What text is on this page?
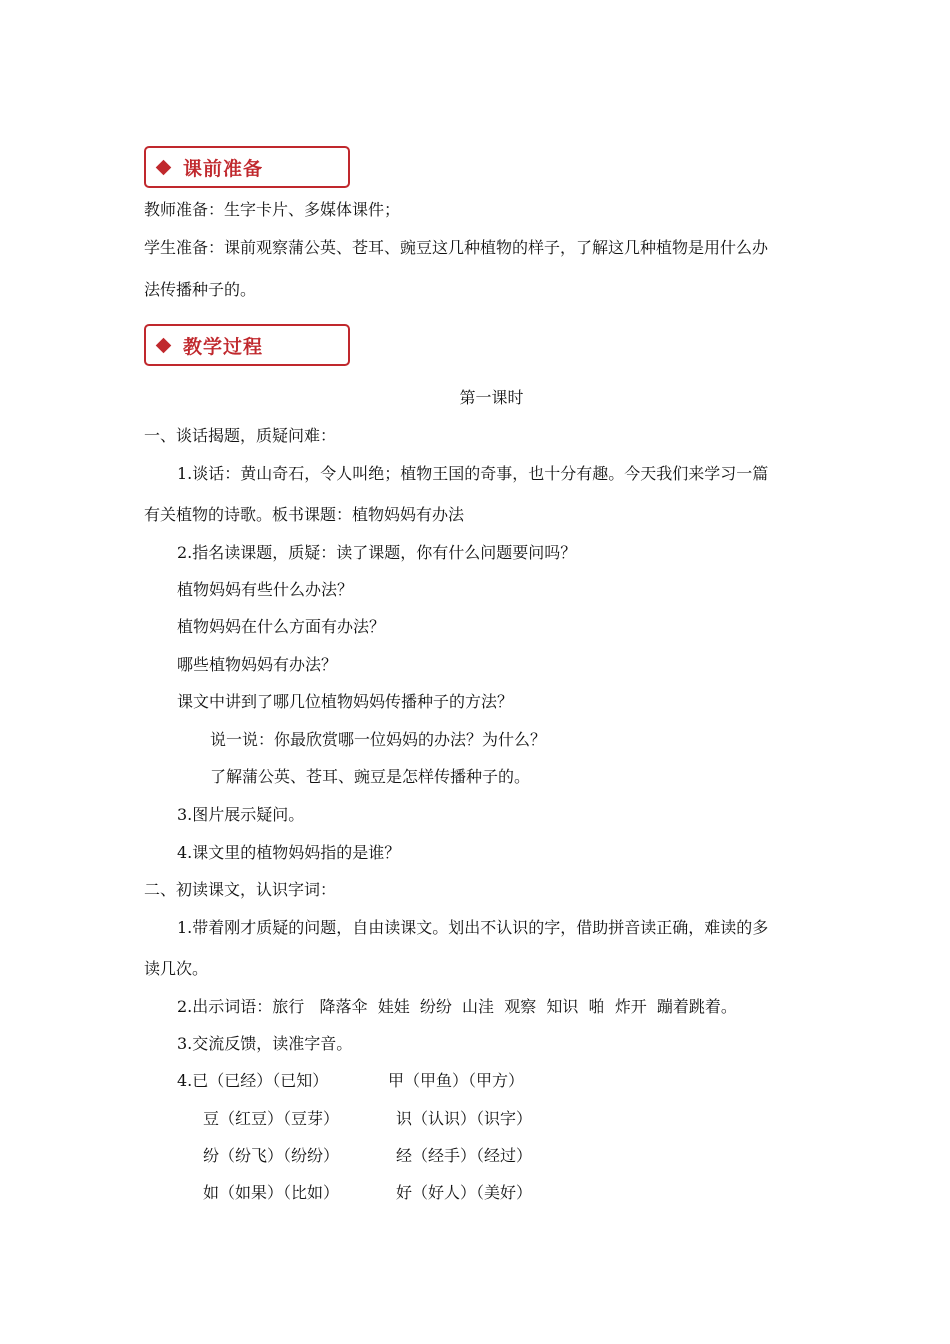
课前准备
教师准备：生字卡片、多媒体课件；
学生准备：课前观察蒲公英、苍耳、豌豆这几种植物的样子，了解这几种植物是用什么办
法传播种子的。
教学过程
第一课时
一、谈话揭题，质疑问难：
1.谈话：黄山奇石，令人叫绝；植物王国的奇事，也十分有趣。今天我们来学习一篇
有关植物的诗歌。板书课题：植物妈妈有办法
2.指名读课题，质疑：读了课题，你有什么问题要问吗？
植物妈妈有些什么办法？
植物妈妈在什么方面有办法？
哪些植物妈妈有办法？
课文中讲到了哪几位植物妈妈传播种子的方法？
说一说：你最欣赏哪一位妈妈的办法？为什么？
了解蒲公英、苍耳、豌豆是怎样传播种子的。
3.图片展示疑问。
4.课文里的植物妈妈指的是谁？
二、初读课文，认识字词：
1.带着刚才质疑的问题，自由读课文。划出不认识的字，借助拼音读正确，难读的多
读几次。
2.出示词语：旅行   降落伞  娃娃  纷纷  山洼  观察  知识  啪  炸开  蹦着跳着。
3.交流反馈，读准字音。
4.已（已经）（已知）	甲（甲鱼）（甲方）
豆（红豆）（豆芽）	识（认识）（识字）
纷（纷飞）（纷纷）	经（经手）（经过）
如（如果）（比如）	好（好人）（美好）
